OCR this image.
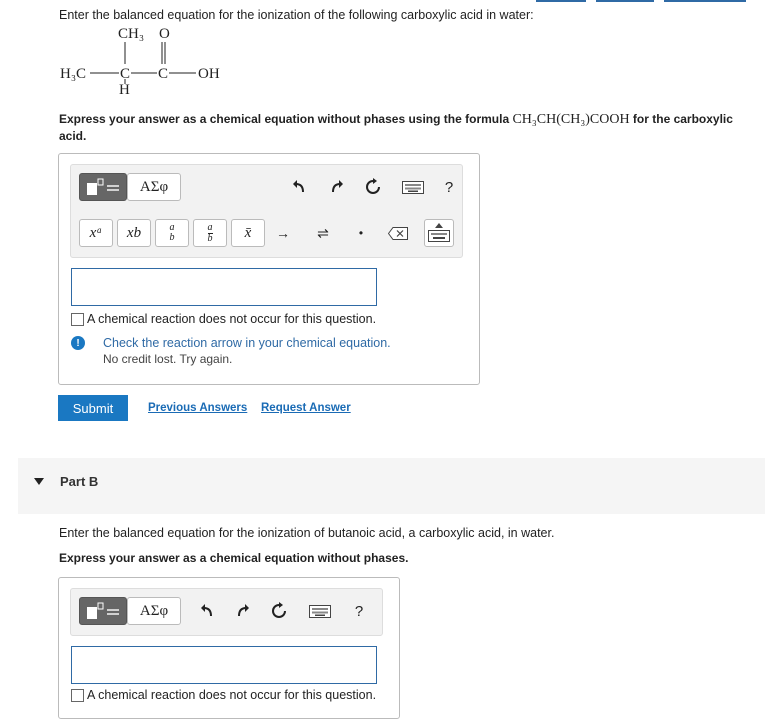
Enter the balanced equation for the ionization of the following carboxylic acid in water:
CH₃ O
H₃C C C OH
H
Express your answer as a chemical equation without phases using the formula CH₃CH(CH₃)COOH for the carboxylic acid.
ΑΣφ	?
xᵃ xb	a
b $\frac{a}{b}$ x̄ → ⇌	•
A chemical reaction does not occur for this question.
!	Check the reaction arrow in your chemical equation.
No credit lost. Try again.
Submit	Previous Answers Request Answer
Part B
Enter the balanced equation for the ionization of butanoic acid, a carboxylic acid, in water.
Express your answer as a chemical equation without phases.
ΑΣφ	?
A chemical reaction does not occur for this question.
